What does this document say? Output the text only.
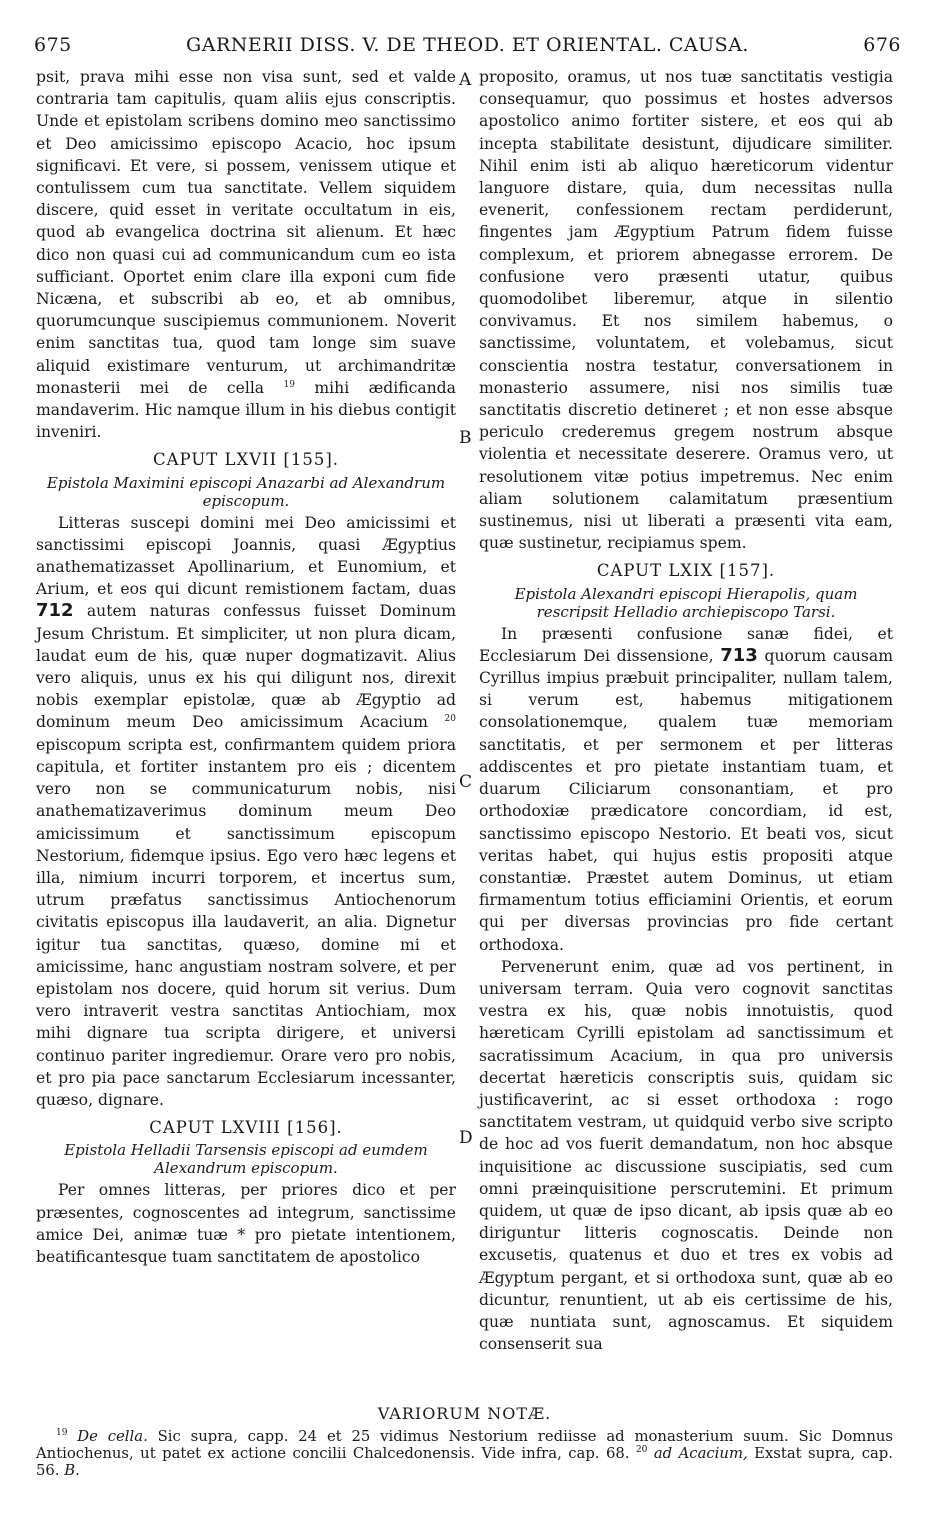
675	GARNERII DISS. V. DE THEOD. ET ORIENTAL. CAUSA.	676

psit, prava mihi esse non visa sunt, sed et valde contraria tam capitulis, quam aliis ejus conscriptis. Unde et epistolam scribens domino meo sanctissimo et Deo amicissimo episcopo Acacio, hoc ipsum significavi. Et vere, si possem, venissem utique et contulissem cum tua sanctitate. Vellem siquidem discere, quid esset in veritate occultatum in eis, quod ab evangelica doctrina sit alienum. Et hæc dico non quasi cui ad communicandum cum eo ista sufficiant. Oportet enim clare illa exponi cum fide Nicæna, et subscribi ab eo, et ab omnibus, quorumcunque suscipiemus communionem. Noverit enim sanctitas tua, quod tam longe sim suave aliquid existimare venturum, ut archimandritæ monasterii mei de cella $^{19}$ mihi ædificanda mandaverim. Hic namque illum in his diebus contigit inveniri.

CAPUT LXVII [155].
Epistola Maximini episcopi Anazarbi ad Alexandrum episcopum.

Litteras suscepi domini mei Deo amicissimi et sanctissimi episcopi Joannis, quasi Ægyptius anathematizasset Apollinarium, et Eunomium, et Arium, et eos qui dicunt remistionem factam, duas 712 autem naturas confessus fuisset Dominum Jesum Christum. Et simpliciter, ut non plura dicam, laudat eum de his, quæ nuper dogmatizavit. Alius vero aliquis, unus ex his qui diligunt nos, direxit nobis exemplar epistolæ, quæ ab Ægyptio ad dominum meum Deo amicissimum Acacium $^{20}$ episcopum scripta est, confirmantem quidem priora capitula, et fortiter instantem pro eis ; dicentem vero non se communicaturum nobis, nisi anathematizaverimus dominum meum Deo amicissimum et sanctissimum episcopum Nestorium, fidemque ipsius. Ego vero hæc legens et illa, nimium incurri torporem, et incertus sum, utrum præfatus sanctissimus Antiochenorum civitatis episcopus illa laudaverit, an alia. Dignetur igitur tua sanctitas, quæso, domine mi et amicissime, hanc angustiam nostram solvere, et per epistolam nos docere, quid horum sit verius. Dum vero intraverit vestra sanctitas Antiochiam, mox mihi dignare tua scripta dirigere, et universi continuo pariter ingrediemur. Orare vero pro nobis, et pro pia pace sanctarum Ecclesiarum incessanter, quæso, dignare.

CAPUT LXVIII [156].
Epistola Helladii Tarsensis episcopi ad eumdem Alexandrum episcopum.

Per omnes litteras, per priores dico et per præsentes, cognoscentes ad integrum, sanctissime amice Dei, animæ tuæ * pro pietate intentionem, beatificantesque tuam sanctitatem de apostolico

A
B
C
D

proposito, oramus, ut nos tuæ sanctitatis vestigia consequamur, quo possimus et hostes adversos apostolico animo fortiter sistere, et eos qui ab incepta stabilitate desistunt, dijudicare similiter. Nihil enim isti ab aliquo hæreticorum videntur languore distare, quia, dum necessitas nulla evenerit, confessionem rectam perdiderunt, fingentes jam Ægyptium Patrum fidem fuisse complexum, et priorem abnegasse errorem. De confusione vero præsenti utatur, quibus quomodolibet liberemur, atque in silentio convivamus. Et nos similem habemus, o sanctissime, voluntatem, et volebamus, sicut conscientia nostra testatur, conversationem in monasterio assumere, nisi nos similis tuæ sanctitatis discretio detineret ; et non esse absque periculo crederemus gregem nostrum absque violentia et necessitate deserere. Oramus vero, ut resolutionem vitæ potius impetremus. Nec enim aliam solutionem calamitatum præsentium sustinemus, nisi ut liberati a præsenti vita eam, quæ sustinetur, recipiamus spem.

CAPUT LXIX [157].
Epistola Alexandri episcopi Hierapolis, quam rescripsit Helladio archiepiscopo Tarsi.

In præsenti confusione sanæ fidei, et Ecclesiarum Dei dissensione, 713 quorum causam Cyrillus impius præbuit principaliter, nullam talem, si verum est, habemus mitigationem consolationemque, qualem tuæ memoriam sanctitatis, et per sermonem et per litteras addiscentes et pro pietate instantiam tuam, et duarum Ciliciarum consonantiam, et pro orthodoxiæ prædicatore concordiam, id est, sanctissimo episcopo Nestorio. Et beati vos, sicut veritas habet, qui hujus estis propositi atque constantiæ. Præstet autem Dominus, ut etiam firmamentum totius efficiamini Orientis, et eorum qui per diversas provincias pro fide certant orthodoxa.

Pervenerunt enim, quæ ad vos pertinent, in universam terram. Quia vero cognovit sanctitas vestra ex his, quæ nobis innotuistis, quod hæreticam Cyrilli epistolam ad sanctissimum et sacratissimum Acacium, in qua pro universis decertat hæreticis conscriptis suis, quidam sic justificaverint, ac si esset orthodoxa : rogo sanctitatem vestram, ut quidquid verbo sive scripto de hoc ad vos fuerit demandatum, non hoc absque inquisitione ac discussione suscipiatis, sed cum omni præinquisitione perscrutemini. Et primum quidem, ut quæ de ipso dicant, ab ipsis quæ ab eo diriguntur litteris cognoscatis. Deinde non excusetis, quatenus et duo et tres ex vobis ad Ægyptum pergant, et si orthodoxa sunt, quæ ab eo dicuntur, renuntient, ut ab eis certissime de his, quæ nuntiata sunt, agnoscamus. Et siquidem consenserit sua

VARIORUM NOTÆ.

$^{19}$ De cella. Sic supra, capp. 24 et 25 vidimus Nestorium rediisse ad monasterium suum. Sic Domnus Antiochenus, ut patet ex actione concilii Chalcedonensis. Vide infra, cap. 68. $^{20}$ ad Acacium, Exstat supra, cap. 56. B.
